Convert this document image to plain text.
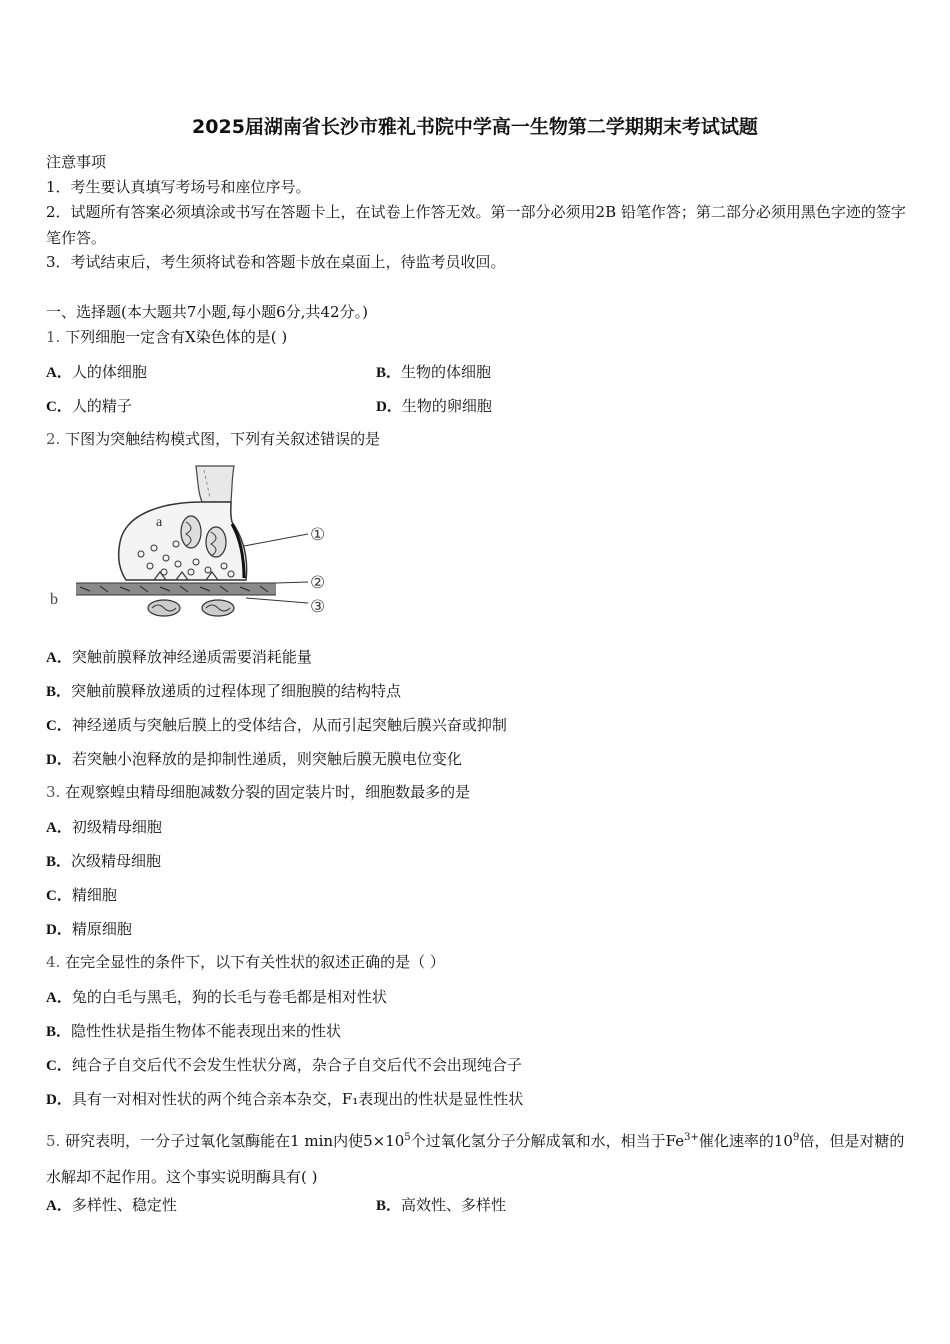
2025届湖南省长沙市雅礼书院中学高一生物第二学期期末考试试题
注意事项
1．考生要认真填写考场号和座位序号。
2．试题所有答案必须填涂或书写在答题卡上，在试卷上作答无效。第一部分必须用2B 铅笔作答；第二部分必须用黑色字迹的签字笔作答。
3．考试结束后，考生须将试卷和答题卡放在桌面上，待监考员收回。
一、选择题(本大题共7小题,每小题6分,共42分。)
1. 下列细胞一定含有X染色体的是( )
A．人的体细胞	B．生物的体细胞
C．人的精子	D．生物的卵细胞
2. 下图为突触结构模式图，下列有关叙述错误的是
a
b
①
②
③
A．突触前膜释放神经递质需要消耗能量
B．突触前膜释放递质的过程体现了细胞膜的结构特点
C．神经递质与突触后膜上的受体结合，从而引起突触后膜兴奋或抑制
D．若突触小泡释放的是抑制性递质，则突触后膜无膜电位变化
3. 在观察蝗虫精母细胞减数分裂的固定装片时，细胞数最多的是
A．初级精母细胞
B．次级精母细胞
C．精细胞
D．精原细胞
4. 在完全显性的条件下，以下有关性状的叙述正确的是（ ）
A．兔的白毛与黑毛，狗的长毛与卷毛都是相对性状
B．隐性性状是指生物体不能表现出来的性状
C．纯合子自交后代不会发生性状分离，杂合子自交后代不会出现纯合子
D．具有一对相对性状的两个纯合亲本杂交，F₁表现出的性状是显性性状
5. 研究表明，一分子过氧化氢酶能在1 min内使$5\times 10^5$个过氧化氢分子分解成氧和水，相当于$Fe^{3+}$催化速率的$10^9$倍，但是对糖的水解却不起作用。这个事实说明酶具有( )
A．多样性、稳定性	B．高效性、多样性
